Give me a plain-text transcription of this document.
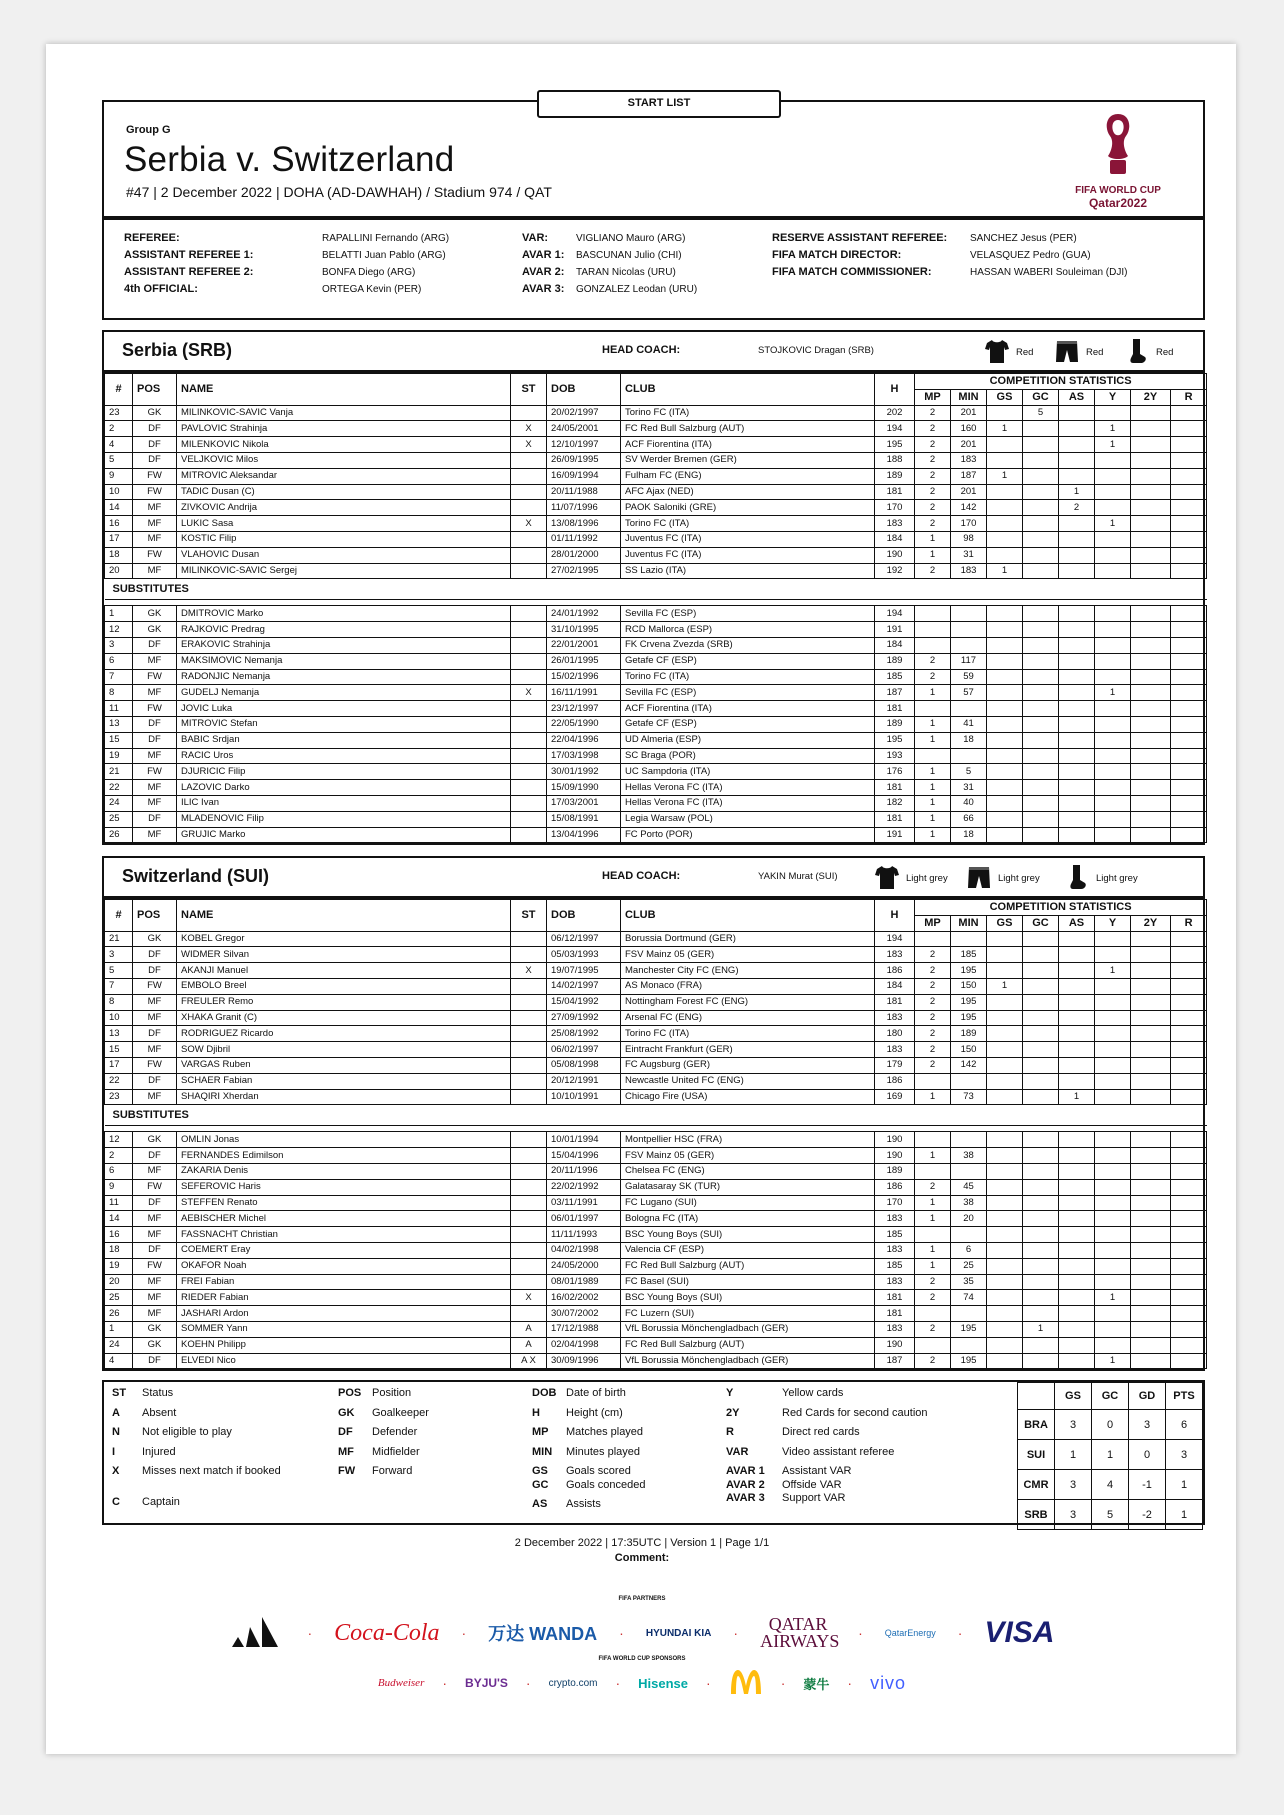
START LIST
Group G
Serbia v. Switzerland
#47 | 2 December 2022 | DOHA (AD-DAWHAH) / Stadium 974 / QAT	FIFA WORLD CUP
Qatar2022
REFEREE:	RAPALLINI Fernando (ARG)
ASSISTANT REFEREE 1:	BELATTI Juan Pablo (ARG)
ASSISTANT REFEREE 2:	BONFA Diego (ARG)
4th OFFICIAL:	ORTEGA Kevin (PER)
VAR:	VIGLIANO Mauro (ARG)
AVAR 1: BASCUNAN Julio (CHI)
AVAR 2: TARAN Nicolas (URU)
AVAR 3: GONZALEZ Leodan (URU)
RESERVE ASSISTANT REFEREE: SANCHEZ Jesus (PER)
FIFA MATCH DIRECTOR:	VELASQUEZ Pedro (GUA)
FIFA MATCH COMMISSIONER:	HASSAN WABERI Souleiman (DJI)
Serbia (SRB)	HEAD COACH:	STOJKOVIC Dragan (SRB)	Red	Red	Red
#	POS	NAME	ST	DOB	CLUB	H	COMPETITION STATISTICS							
							MP	MIN	GS	GC	AS	Y	2Y	R
23	GK	MILINKOVIC-SAVIC Vanja		20/02/1997	Torino FC (ITA)	202	2	201		5				
2	DF	PAVLOVIC Strahinja	X	24/05/2001	FC Red Bull Salzburg (AUT)	194	2	160	1			1		
4	DF	MILENKOVIC Nikola	X	12/10/1997	ACF Fiorentina (ITA)	195	2	201				1		
5	DF	VELJKOVIC Milos		26/09/1995	SV Werder Bremen (GER)	188	2	183						
9	FW	MITROVIC Aleksandar		16/09/1994	Fulham FC (ENG)	189	2	187	1					
10	FW	TADIC Dusan (C)		20/11/1988	AFC Ajax (NED)	181	2	201			1			
14	MF	ZIVKOVIC Andrija		11/07/1996	PAOK Saloniki (GRE)	170	2	142			2			
16	MF	LUKIC Sasa	X	13/08/1996	Torino FC (ITA)	183	2	170				1		
17	MF	KOSTIC Filip		01/11/1992	Juventus FC (ITA)	184	1	98						
18	FW	VLAHOVIC Dusan		28/01/2000	Juventus FC (ITA)	190	1	31						
20	MF	MILINKOVIC-SAVIC Sergej		27/02/1995	SS Lazio (ITA)	192	2	183	1					
SUBSTITUTES														

1	GK	DMITROVIC Marko		24/01/1992	Sevilla FC (ESP)	194								
12	GK	RAJKOVIC Predrag		31/10/1995	RCD Mallorca (ESP)	191								
3	DF	ERAKOVIC Strahinja		22/01/2001	FK Crvena Zvezda (SRB)	184								
6	MF	MAKSIMOVIC Nemanja		26/01/1995	Getafe CF (ESP)	189	2	117						
7	FW	RADONJIC Nemanja		15/02/1996	Torino FC (ITA)	185	2	59						
8	MF	GUDELJ Nemanja	X	16/11/1991	Sevilla FC (ESP)	187	1	57				1		
11	FW	JOVIC Luka		23/12/1997	ACF Fiorentina (ITA)	181								
13	DF	MITROVIC Stefan		22/05/1990	Getafe CF (ESP)	189	1	41						
15	DF	BABIC Srdjan		22/04/1996	UD Almeria (ESP)	195	1	18						
19	MF	RACIC Uros		17/03/1998	SC Braga (POR)	193								
21	FW	DJURICIC Filip		30/01/1992	UC Sampdoria (ITA)	176	1	5						
22	MF	LAZOVIC Darko		15/09/1990	Hellas Verona FC (ITA)	181	1	31						
24	MF	ILIC Ivan		17/03/2001	Hellas Verona FC (ITA)	182	1	40						
25	DF	MLADENOVIC Filip		15/08/1991	Legia Warsaw (POL)	181	1	66						
26	MF	GRUJIC Marko		13/04/1996	FC Porto (POR)	191	1	18						
Switzerland (SUI)	HEAD COACH:	YAKIN Murat (SUI)	Light grey	Light grey	Light grey
#	POS	NAME	ST	DOB	CLUB	H	COMPETITION STATISTICS							
							MP	MIN	GS	GC	AS	Y	2Y	R
21	GK	KOBEL Gregor		06/12/1997	Borussia Dortmund (GER)	194								
3	DF	WIDMER Silvan		05/03/1993	FSV Mainz 05 (GER)	183	2	185						
5	DF	AKANJI Manuel	X	19/07/1995	Manchester City FC (ENG)	186	2	195				1		
7	FW	EMBOLO Breel		14/02/1997	AS Monaco (FRA)	184	2	150	1					
8	MF	FREULER Remo		15/04/1992	Nottingham Forest FC (ENG)	181	2	195						
10	MF	XHAKA Granit (C)		27/09/1992	Arsenal FC (ENG)	183	2	195						
13	DF	RODRIGUEZ Ricardo		25/08/1992	Torino FC (ITA)	180	2	189						
15	MF	SOW Djibril		06/02/1997	Eintracht Frankfurt (GER)	183	2	150						
17	FW	VARGAS Ruben		05/08/1998	FC Augsburg (GER)	179	2	142						
22	DF	SCHAER Fabian		20/12/1991	Newcastle United FC (ENG)	186								
23	MF	SHAQIRI Xherdan		10/10/1991	Chicago Fire (USA)	169	1	73			1			
SUBSTITUTES														

12	GK	OMLIN Jonas		10/01/1994	Montpellier HSC (FRA)	190								
2	DF	FERNANDES Edimilson		15/04/1996	FSV Mainz 05 (GER)	190	1	38						
6	MF	ZAKARIA Denis		20/11/1996	Chelsea FC (ENG)	189								
9	FW	SEFEROVIC Haris		22/02/1992	Galatasaray SK (TUR)	186	2	45						
11	DF	STEFFEN Renato		03/11/1991	FC Lugano (SUI)	170	1	38						
14	MF	AEBISCHER Michel		06/01/1997	Bologna FC (ITA)	183	1	20						
16	MF	FASSNACHT Christian		11/11/1993	BSC Young Boys (SUI)	185								
18	DF	COEMERT Eray		04/02/1998	Valencia CF (ESP)	183	1	6						
19	FW	OKAFOR Noah		24/05/2000	FC Red Bull Salzburg (AUT)	185	1	25						
20	MF	FREI Fabian		08/01/1989	FC Basel (SUI)	183	2	35						
25	MF	RIEDER Fabian	X	16/02/2002	BSC Young Boys (SUI)	181	2	74				1		
26	MF	JASHARI Ardon		30/07/2002	FC Luzern (SUI)	181								
1	GK	SOMMER Yann	A	17/12/1988	VfL Borussia Mönchengladbach (GER)	183	2	195		1				
24	GK	KOEHN Philipp	A	02/04/1998	FC Red Bull Salzburg (AUT)	190								
4	DF	ELVEDI Nico	A X	30/09/1996	VfL Borussia Mönchengladbach (GER)	187	2	195				1		
ST Status
A Absent
N Not eligible to play
I Injured
X Misses next match if booked
C Captain
POS Position
GK Goalkeeper
DF Defender
MF Midfielder
FW Forward
DOB Date of birth
H Height (cm)
MP Matches played
MIN Minutes played
GS Goals scored
GC Goals conceded
AS Assists
Y	Yellow cards
2Y	Red Cards for second caution
R	Direct red cards
VAR	Video assistant referee
AVAR 1 Assistant VAR
AVAR 2 Offside VAR
AVAR 3 Support VAR
	GS	GC	GD	PTS
BRA	3	0	3	6
SUI	1	1	0	3
CMR	3	4	-1	1
SRB	3	5	-2	1
2 December 2022 | 17:35UTC | Version 1 | Page 1/1
Comment:
FIFA PARTNERS
· Coca-Cola · 万达 WANDA · HYUNDAI KIA ·	QATAR AIRWAYS · QatarEnergy · VISA
FIFA WORLD CUP SPONSORS
Budweiser · BYJU'S · crypto.com · Hisense ·	· 蒙牛 · vivo
